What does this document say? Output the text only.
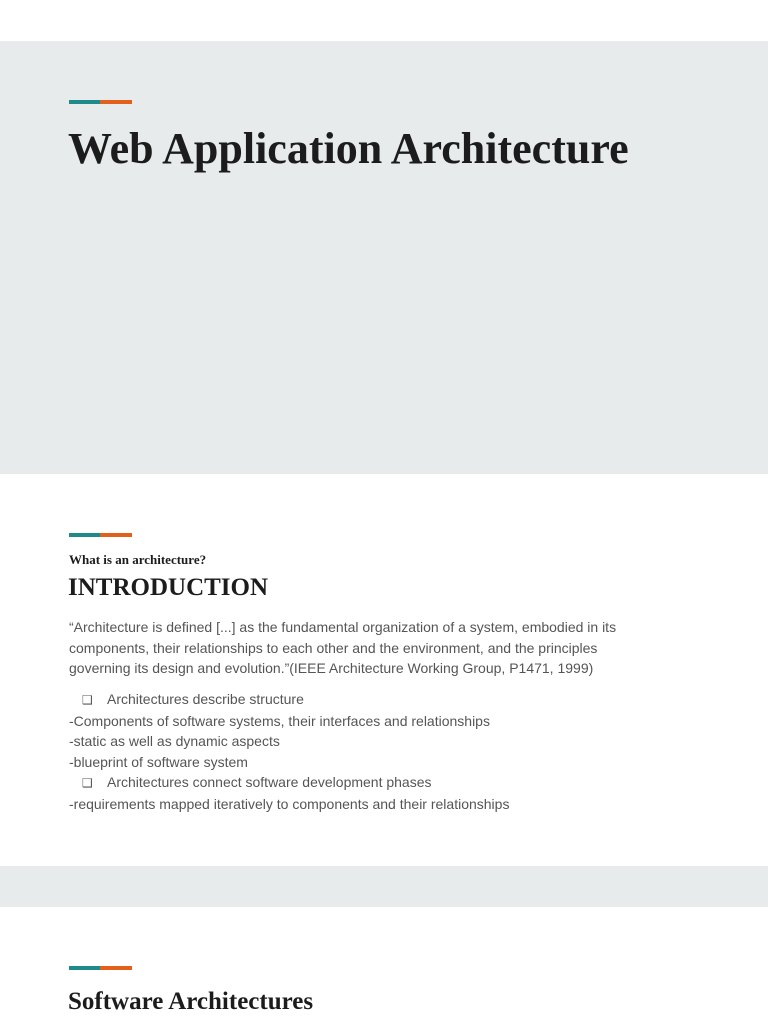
Web Application Architecture

What is an architecture?

INTRODUCTION

“Architecture is defined [...] as the fundamental organization of a system, embodied in its
components, their relationships to each other and the environment, and the principles
governing its design and evolution.”(IEEE Architecture Working Group, P1471, 1999)

❑ Architectures describe structure
-Components of software systems, their interfaces and relationships
-static as well as dynamic aspects
-blueprint of software system
❑ Architectures connect software development phases
-requirements mapped iteratively to components and their relationships
Software Architectures
